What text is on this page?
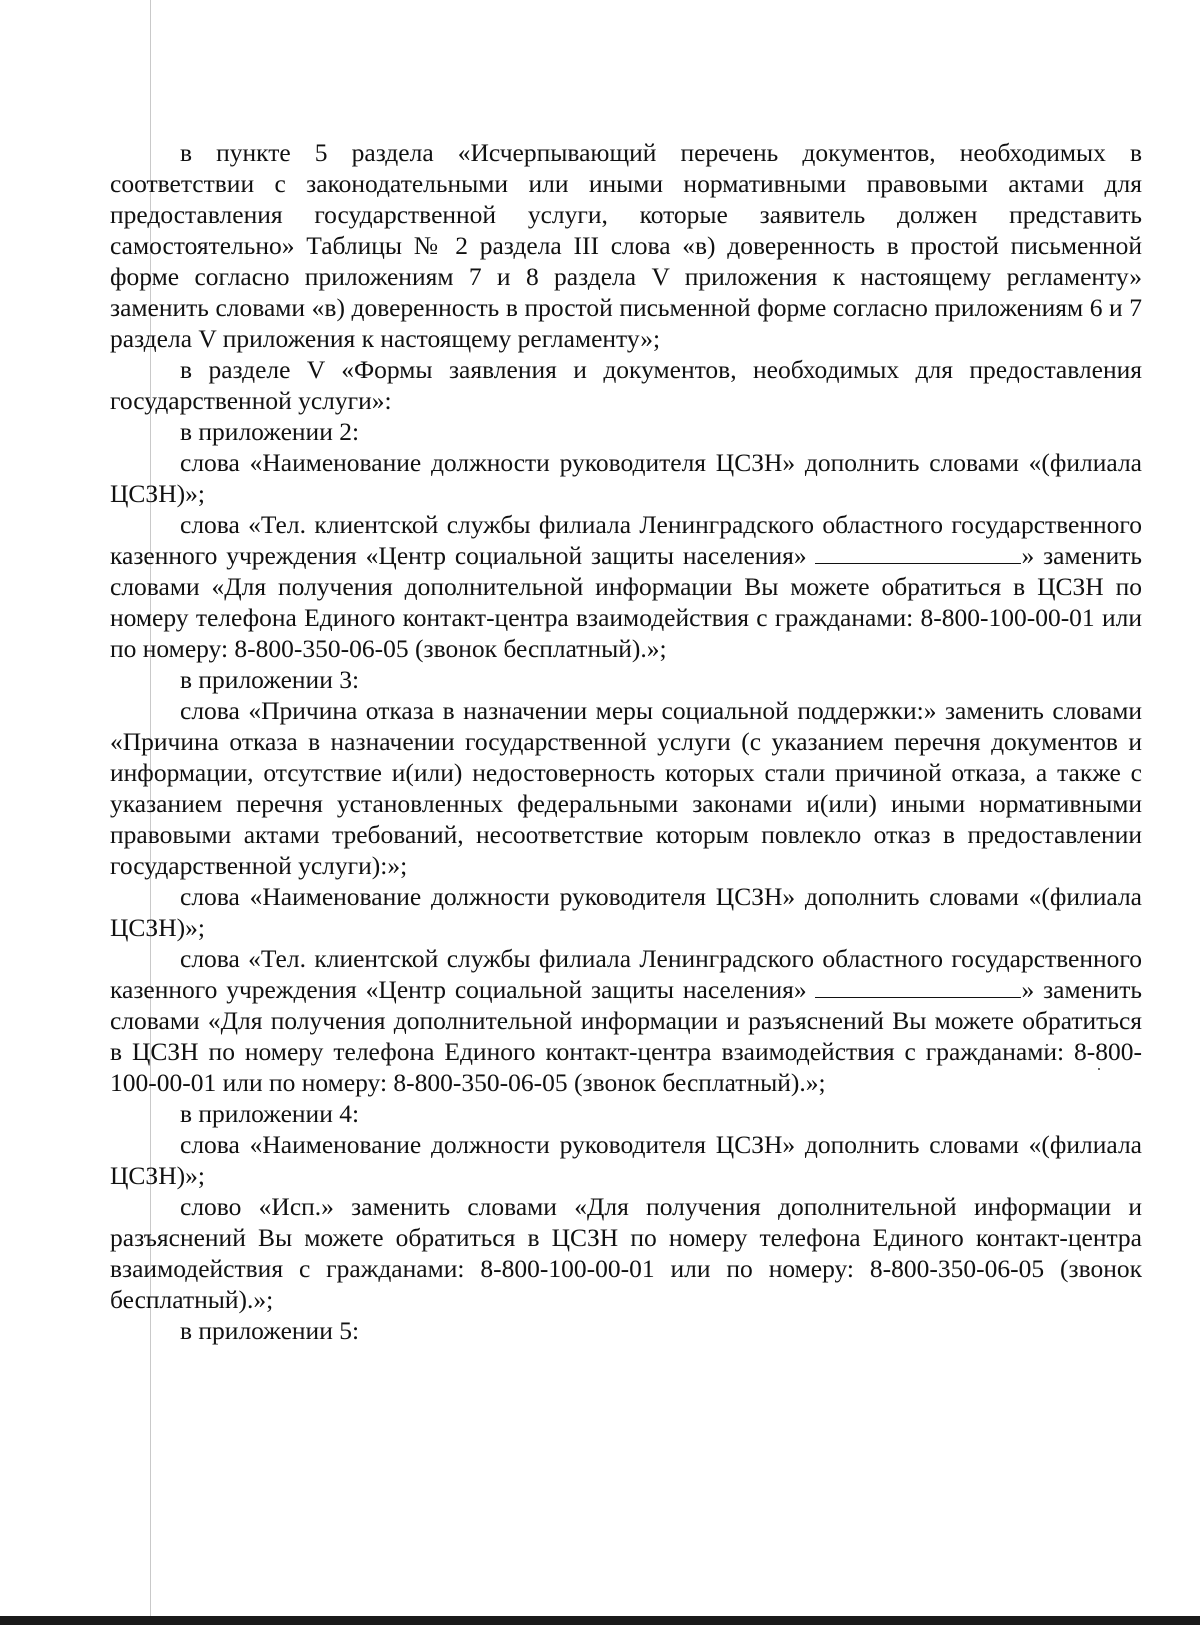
в пункте 5 раздела «Исчерпывающий перечень документов, необходимых в соответствии с законодательными или иными нормативными правовыми актами для предоставления государственной услуги, которые заявитель должен представить самостоятельно» Таблицы № 2 раздела III слова «в) доверенность в простой письменной форме согласно приложениям 7 и 8 раздела V приложения к настоящему регламенту» заменить словами «в) доверенность в простой письменной форме согласно приложениям 6 и 7 раздела V приложения к настоящему регламенту»;

в разделе V «Формы заявления и документов, необходимых для предоставления государственной услуги»:

в приложении 2:

слова «Наименование должности руководителя ЦСЗН» дополнить словами «(филиала ЦСЗН)»;

слова «Тел. клиентской службы филиала Ленинградского областного государственного казенного учреждения «Центр социальной защиты населения»	» заменить словами «Для получения дополнительной информации Вы можете обратиться в ЦСЗН по номеру телефона Единого контакт-центра взаимодействия с гражданами: 8-800-100-00-01 или по номеру: 8-800-350-06-05 (звонок бесплатный).»;

в приложении 3:

слова «Причина отказа в назначении меры социальной поддержки:» заменить словами «Причина отказа в назначении государственной услуги (с указанием перечня документов и информации, отсутствие и(или) недостоверность которых стали причиной отказа, а также с указанием перечня установленных федеральными законами и(или) иными нормативными правовыми актами требований, несоответствие которым повлекло отказ в предоставлении государственной услуги):»;

слова «Наименование должности руководителя ЦСЗН» дополнить словами «(филиала ЦСЗН)»;

слова «Тел. клиентской службы филиала Ленинградского областного государственного казенного учреждения «Центр социальной защиты населения»	» заменить словами «Для получения дополнительной информации и разъяснений Вы можете обратиться в ЦСЗН по номеру телефона Единого контакт-центра взаимодействия с гражданами: 8-800-100-00-01 или по номеру: 8-800-350-06-05 (звонок бесплатный).»;

в приложении 4:

слова «Наименование должности руководителя ЦСЗН» дополнить словами «(филиала ЦСЗН)»;

слово «Исп.» заменить словами «Для получения дополнительной информации и разъяснений Вы можете обратиться в ЦСЗН по номеру телефона Единого контакт-центра взаимодействия с гражданами: 8-800-100-00-01 или по номеру: 8-800-350-06-05 (звонок бесплатный).»;

в приложении 5:
